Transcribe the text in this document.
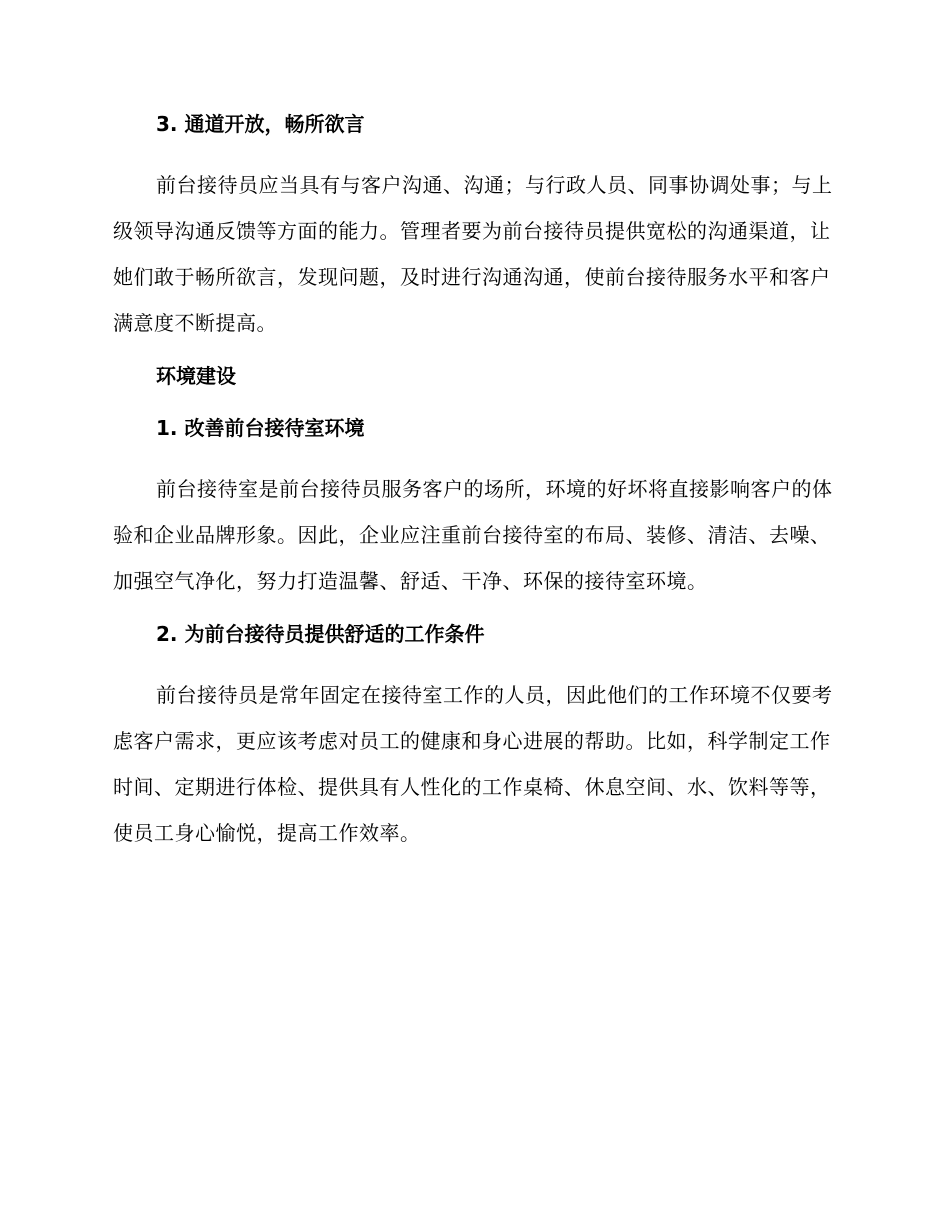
3. 通道开放，畅所欲言
前台接待员应当具有与客户沟通、沟通；与行政人员、同事协调处事；与上级领导沟通反馈等方面的能力。管理者要为前台接待员提供宽松的沟通渠道，让她们敢于畅所欲言，发现问题，及时进行沟通沟通，使前台接待服务水平和客户满意度不断提高。
环境建设
1. 改善前台接待室环境
前台接待室是前台接待员服务客户的场所，环境的好坏将直接影响客户的体验和企业品牌形象。因此，企业应注重前台接待室的布局、装修、清洁、去噪、加强空气净化，努力打造温馨、舒适、干净、环保的接待室环境。
2. 为前台接待员提供舒适的工作条件
前台接待员是常年固定在接待室工作的人员，因此他们的工作环境不仅要考虑客户需求，更应该考虑对员工的健康和身心进展的帮助。比如，科学制定工作时间、定期进行体检、提供具有人性化的工作桌椅、休息空间、水、饮料等等，使员工身心愉悦，提高工作效率。
